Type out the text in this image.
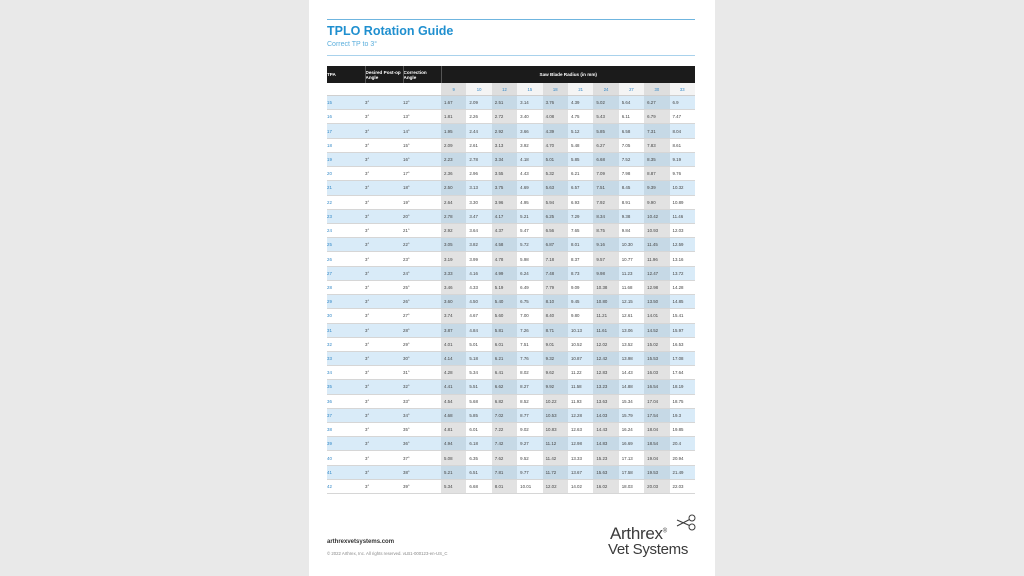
TPLO Rotation Guide
Correct TP to 3°
TPA	Desired Post-op Angle	Correction Angle	Saw Blade Radius (in mm)									
			9	10	12	15	18	21	24	27	30	33
15	3°	12°	1.67	2.09	2.51	3.14	3.76	4.39	5.02	5.64	6.27	6.9
16	3°	13°	1.81	2.26	2.72	3.40	4.08	4.75	5.43	6.11	6.79	7.47
17	3°	14°	1.95	2.44	2.92	3.66	4.39	5.12	5.85	6.58	7.31	8.04
18	3°	15°	2.09	2.61	3.13	3.92	4.70	5.48	6.27	7.05	7.83	8.61
19	3°	16°	2.23	2.78	3.34	4.18	5.01	5.85	6.68	7.52	8.35	9.19
20	3°	17°	2.36	2.96	3.55	4.43	5.32	6.21	7.09	7.98	8.87	9.76
21	3°	18°	2.50	3.13	3.75	4.69	5.63	6.57	7.51	8.45	9.39	10.32
22	3°	19°	2.64	3.30	3.96	4.95	5.94	6.93	7.92	8.91	9.90	10.89
23	3°	20°	2.78	3.47	4.17	5.21	6.25	7.29	8.34	9.38	10.42	11.46
24	3°	21°	2.92	3.64	4.37	5.47	6.56	7.65	8.75	9.84	10.93	12.03
25	3°	22°	3.05	3.82	4.58	5.72	6.87	8.01	9.16	10.30	11.45	12.59
26	3°	23°	3.19	3.99	4.78	5.98	7.18	8.37	9.57	10.77	11.96	13.16
27	3°	24°	3.33	4.16	4.99	6.24	7.48	8.73	9.98	11.23	12.47	13.72
28	3°	25°	3.46	4.33	5.19	6.49	7.79	9.09	10.38	11.68	12.98	14.28
29	3°	26°	3.60	4.50	5.40	6.75	8.10	9.45	10.80	12.15	13.50	14.85
30	3°	27°	3.74	4.67	5.60	7.00	8.40	9.80	11.21	12.61	14.01	15.41
31	3°	28°	3.87	4.84	5.81	7.26	8.71	10.13	11.61	13.06	14.52	15.97
32	3°	29°	4.01	5.01	6.01	7.51	9.01	10.52	12.02	13.52	15.02	16.53
33	3°	30°	4.14	5.18	6.21	7.76	9.32	10.87	12.42	13.98	15.53	17.08
34	3°	31°	4.28	5.34	6.41	8.02	9.62	11.22	12.83	14.43	16.03	17.64
35	3°	32°	4.41	5.51	6.62	8.27	9.92	11.58	13.23	14.88	16.54	18.19
36	3°	33°	4.54	5.68	6.82	8.52	10.22	11.93	13.63	15.34	17.04	18.75
37	3°	34°	4.68	5.85	7.02	8.77	10.53	12.28	14.03	15.79	17.54	19.3
38	3°	35°	4.81	6.01	7.22	9.02	10.83	12.63	14.43	16.24	18.04	19.85
39	3°	36°	4.94	6.18	7.42	9.27	11.12	12.98	14.83	16.69	18.54	20.4
40	3°	37°	5.08	6.35	7.62	9.52	11.42	13.33	15.23	17.13	19.04	20.94
41	3°	38°	5.21	6.51	7.81	9.77	11.72	13.67	15.63	17.58	19.53	21.49
42	3°	39°	5.34	6.68	8.01	10.01	12.02	14.02	16.02	18.03	20.03	22.03
arthrexvetsystems.com
© 2022 Arthrex, Inc. All rights reserved. vLB1-000123-en-US_C
Arthrex®
Vet Systems
